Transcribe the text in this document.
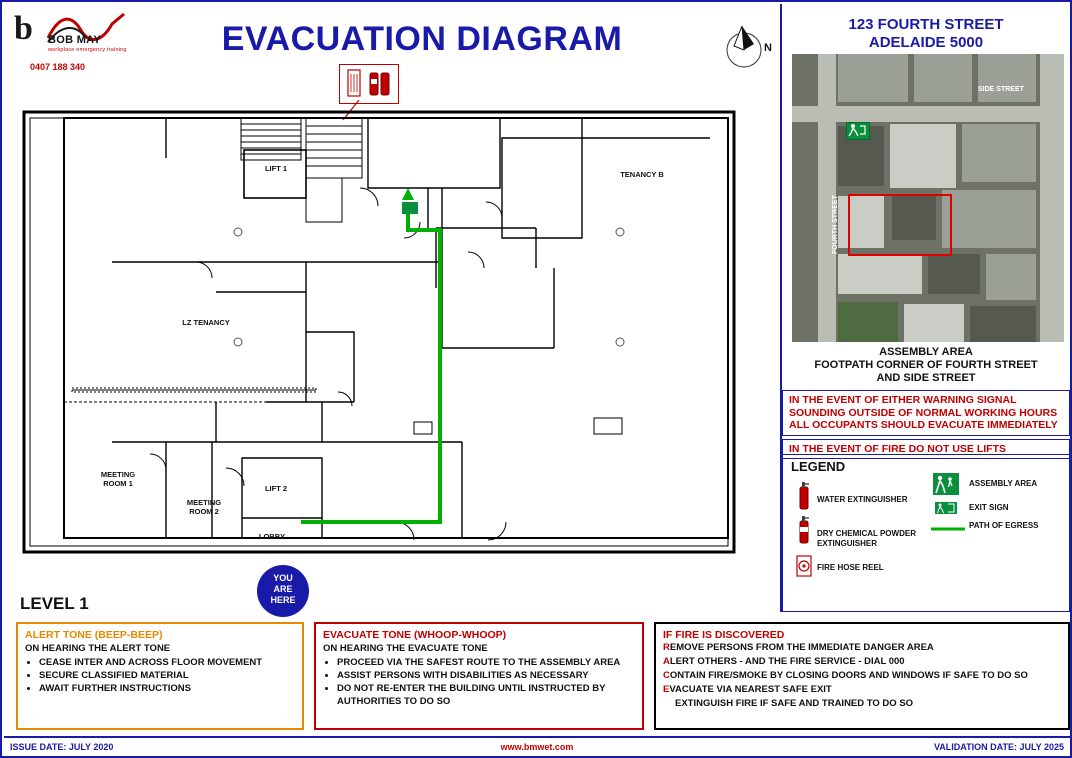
b BOB MAY
workplace emergency training
0407 188 340
EVACUATION DIAGRAM	N
123 FOURTH STREET
ADELAIDE 5000
SIDE STREET
FOURTH STREET
ASSEMBLY AREA
FOOTPATH CORNER OF FOURTH STREET
AND SIDE STREET
IN THE EVENT OF EITHER WARNING SIGNAL
SOUNDING OUTSIDE OF NORMAL WORKING HOURS
ALL OCCUPANTS SHOULD EVACUATE IMMEDIATELY
IN THE EVENT OF FIRE DO NOT USE LIFTS
LEGEND
WATER EXTINGUISHER
DRY CHEMICAL POWDER
EXTINGUISHER
FIRE HOSE REEL
ASSEMBLY AREA
EXIT SIGN
PATH OF EGRESS
LIFT 1
TENANCY B
LZ TENANCY
MEETING
ROOM 1
MEETING
ROOM 2
LIFT 2
LOBBY
YOU
ARE
HERE
LEVEL 1
ALERT TONE (BEEP-BEEP)

ON HEARING THE ALERT TONE

• CEASE INTER AND ACROSS FLOOR MOVEMENT
• SECURE CLASSIFIED MATERIAL
• AWAIT FURTHER INSTRUCTIONS
EVACUATE TONE (WHOOP-WHOOP)

ON HEARING THE EVACUATE TONE

• PROCEED VIA THE SAFEST ROUTE TO THE ASSEMBLY AREA
• ASSIST PERSONS WITH DISABILITIES AS NECESSARY
• DO NOT RE-ENTER THE BUILDING UNTIL INSTRUCTED BY AUTHORITIES TO DO SO
IF FIRE IS DISCOVERED
REMOVE PERSONS FROM THE IMMEDIATE DANGER AREA
ALERT OTHERS - AND THE FIRE SERVICE - DIAL 000
CONTAIN FIRE/SMOKE BY CLOSING DOORS AND WINDOWS IF SAFE TO DO SO
EVACUATE VIA NEAREST SAFE EXIT
EXTINGUISH FIRE IF SAFE AND TRAINED TO DO SO
ISSUE DATE: JULY 2020	www.bmwet.com	VALIDATION DATE: JULY 2025
